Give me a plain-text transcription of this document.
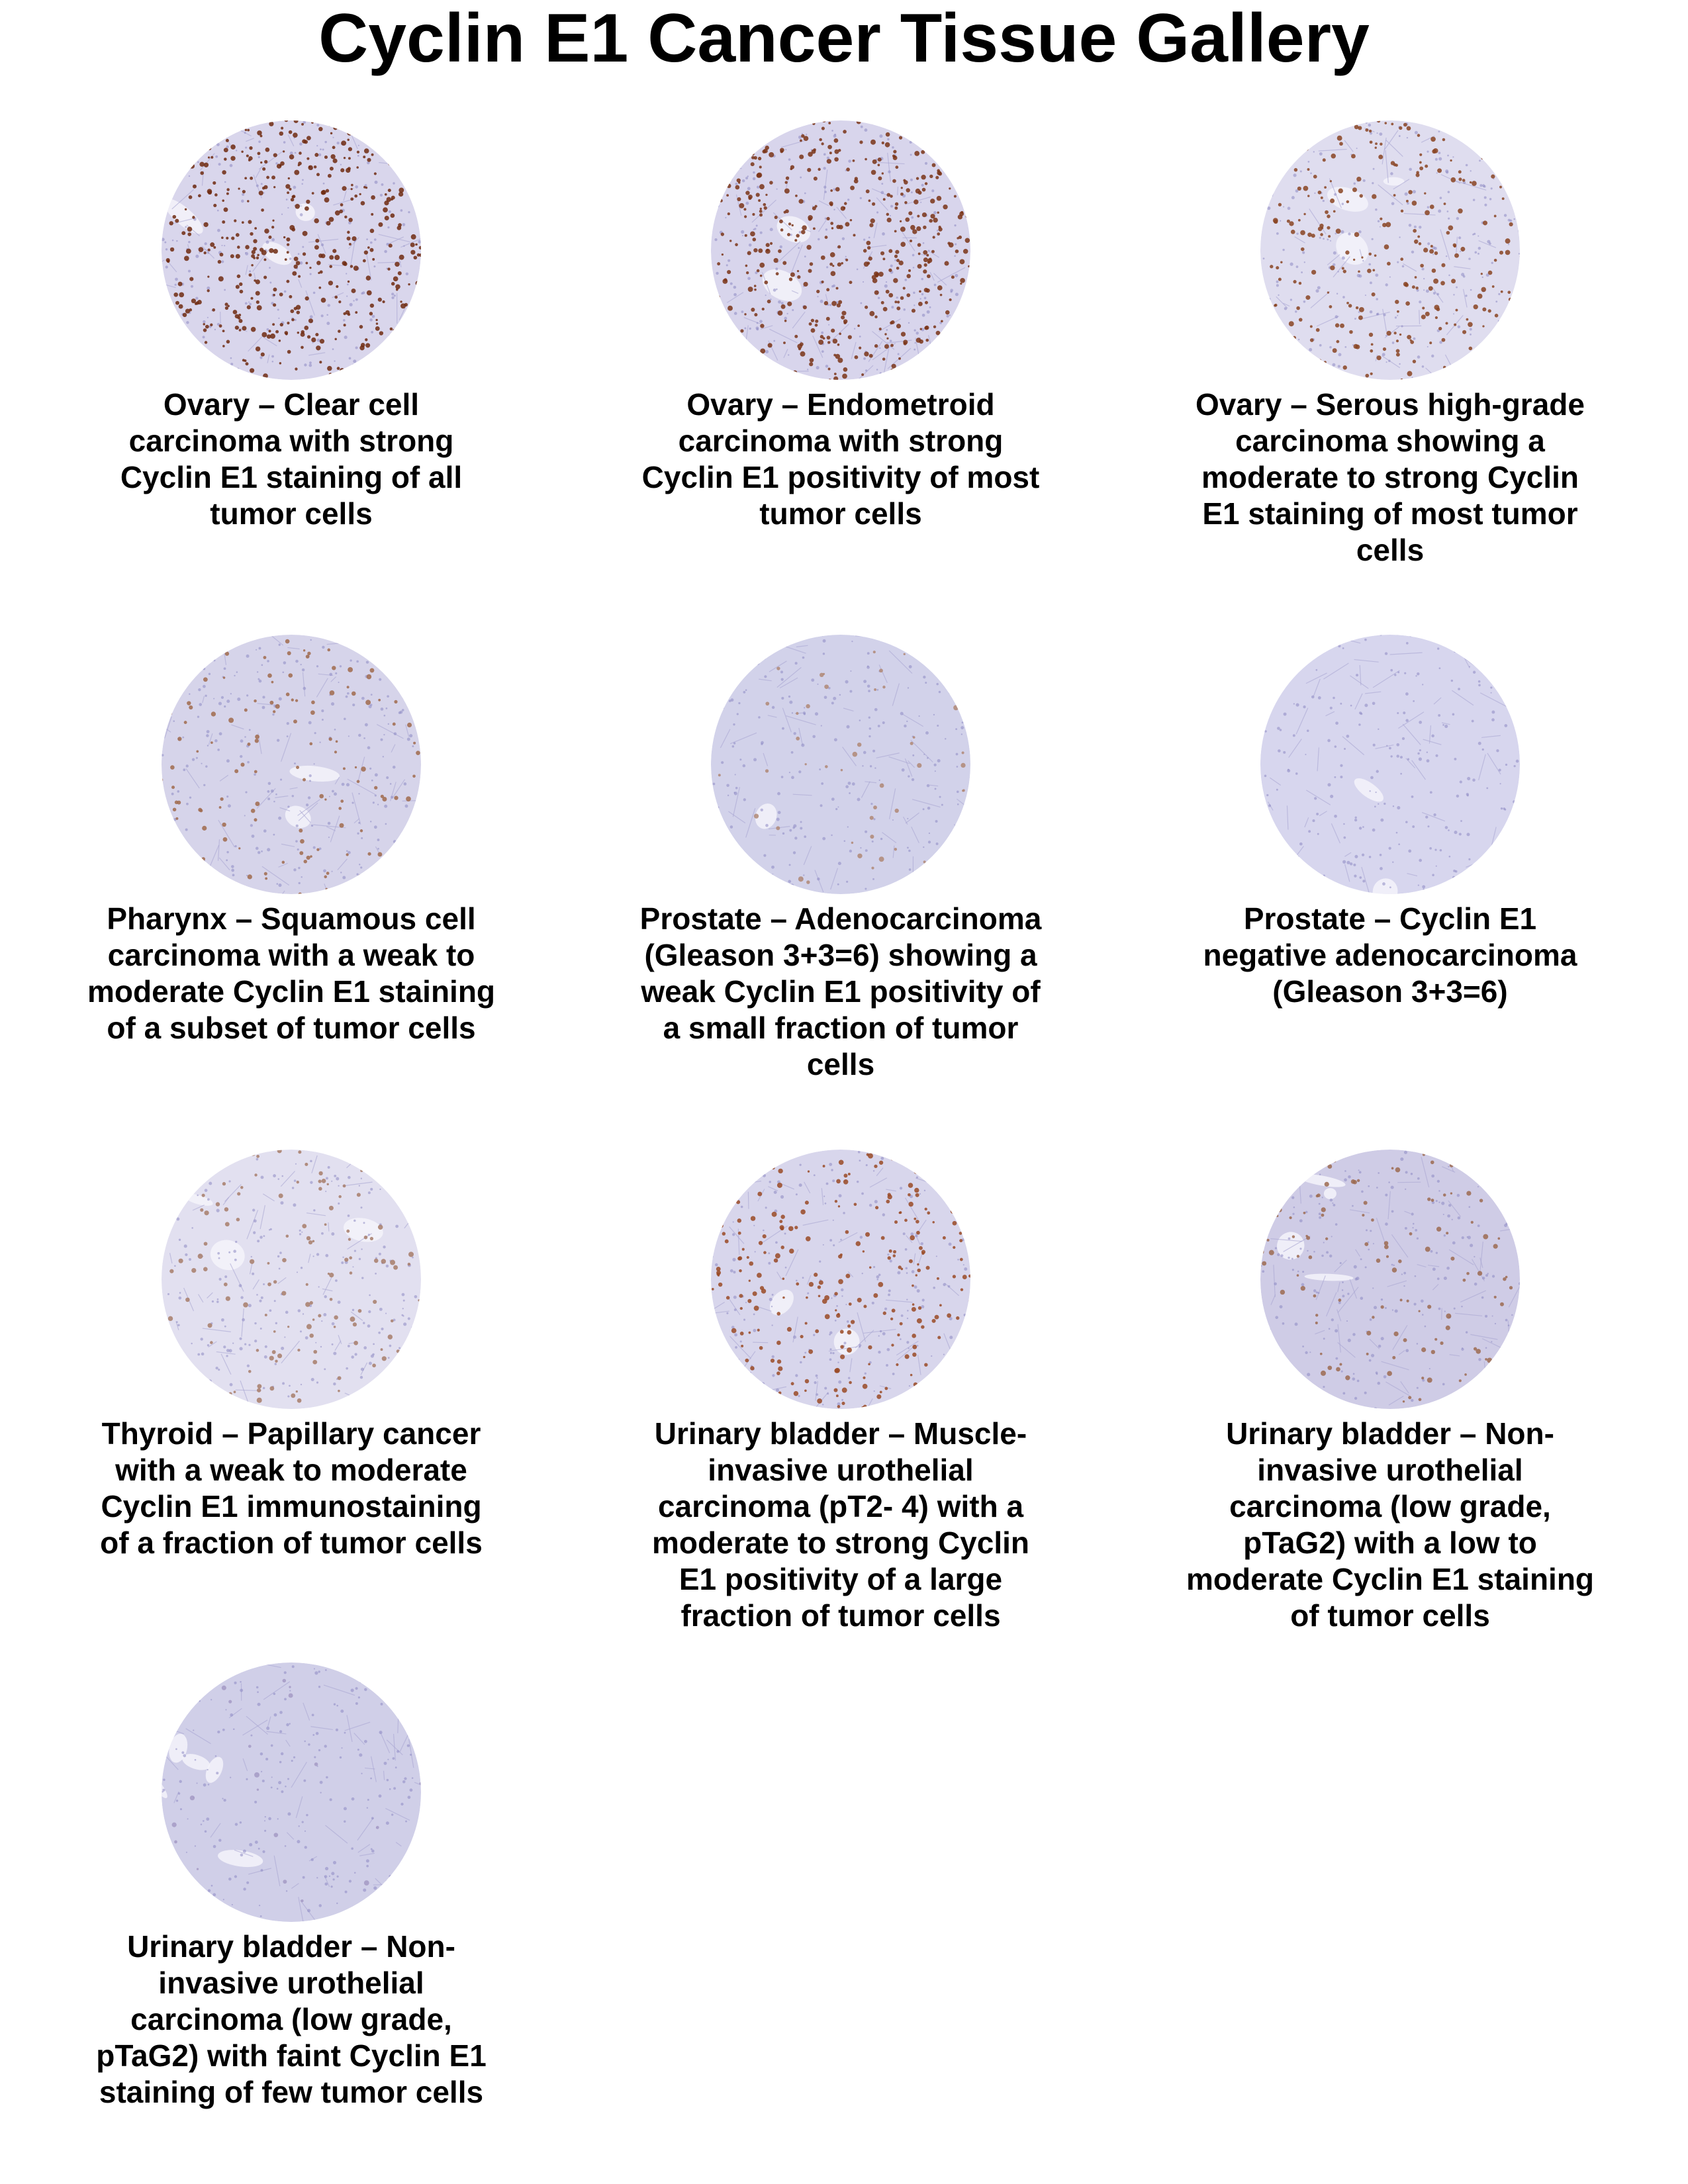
Cyclin E1 Cancer Tissue Gallery
Ovary – Clear cell carcinoma with strong Cyclin E1 staining of all tumor cells
Ovary – Endometroid carcinoma with strong Cyclin E1 positivity of most tumor cells
Ovary – Serous high-grade carcinoma showing a moderate to strong Cyclin E1 staining of most tumor cells
Pharynx – Squamous cell carcinoma with a weak to moderate Cyclin E1 staining of a subset of tumor cells
Prostate – Adenocarcinoma (Gleason 3+3=6) showing a weak Cyclin E1 positivity of a small fraction of tumor cells
Prostate – Cyclin E1 negative adenocarcinoma (Gleason 3+3=6)
Thyroid – Papillary cancer with a weak to moderate Cyclin E1 immunostaining of a fraction of tumor cells
Urinary bladder – Muscle- invasive urothelial carcinoma (pT2- 4) with a moderate to strong Cyclin E1 positivity of a large fraction of tumor cells
Urinary bladder – Non-invasive urothelial carcinoma (low grade, pTaG2) with a low to moderate Cyclin E1 staining of tumor cells
Urinary bladder – Non-invasive urothelial carcinoma (low grade, pTaG2) with faint Cyclin E1 staining of few tumor cells
